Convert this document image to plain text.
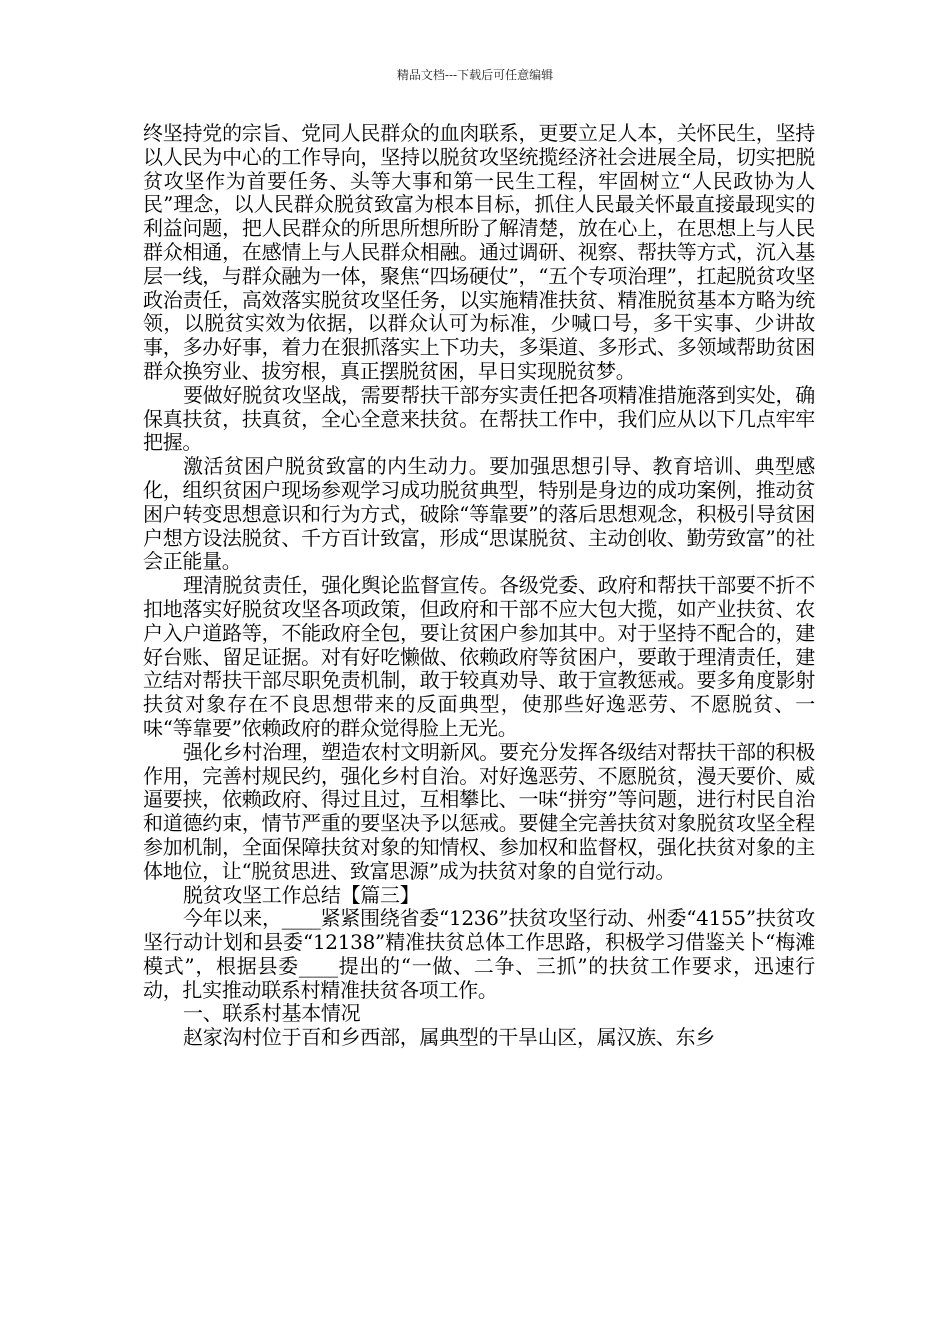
精品文档---下载后可任意编辑

终坚持党的宗旨、党同人民群众的血肉联系，更要立足人本，关怀民生，坚持以人民为中心的工作导向，坚持以脱贫攻坚统揽经济社会进展全局，切实把脱贫攻坚作为首要任务、头等大事和第一民生工程，牢固树立“人民政协为人民”理念，以人民群众脱贫致富为根本目标，抓住人民最关怀最直接最现实的利益问题，把人民群众的所思所想所盼了解清楚，放在心上，在思想上与人民群众相通，在感情上与人民群众相融。通过调研、视察、帮扶等方式，沉入基层一线，与群众融为一体，聚焦“四场硬仗”，“五个专项治理”，扛起脱贫攻坚政治责任，高效落实脱贫攻坚任务，以实施精准扶贫、精准脱贫基本方略为统领，以脱贫实效为依据，以群众认可为标准，少喊口号，多干实事、少讲故事，多办好事，着力在狠抓落实上下功夫，多渠道、多形式、多领域帮助贫困群众换穷业、拔穷根，真正摆脱贫困，早日实现脱贫梦。

要做好脱贫攻坚战，需要帮扶干部夯实责任把各项精准措施落到实处，确保真扶贫，扶真贫，全心全意来扶贫。在帮扶工作中，我们应从以下几点牢牢把握。

激活贫困户脱贫致富的内生动力。要加强思想引导、教育培训、典型感化，组织贫困户现场参观学习成功脱贫典型，特别是身边的成功案例，推动贫困户转变思想意识和行为方式，破除“等靠要”的落后思想观念，积极引导贫困户想方设法脱贫、千方百计致富，形成“思谋脱贫、主动创收、勤劳致富”的社会正能量。

理清脱贫责任，强化舆论监督宣传。各级党委、政府和帮扶干部要不折不扣地落实好脱贫攻坚各项政策，但政府和干部不应大包大揽，如产业扶贫、农户入户道路等，不能政府全包，要让贫困户参加其中。对于坚持不配合的，建好台账、留足证据。对有好吃懒做、依赖政府等贫困户，要敢于理清责任，建立结对帮扶干部尽职免责机制，敢于较真劝导、敢于宣教惩戒。要多角度影射扶贫对象存在不良思想带来的反面典型，使那些好逸恶劳、不愿脱贫、一味“等靠要”依赖政府的群众觉得脸上无光。

强化乡村治理，塑造农村文明新风。要充分发挥各级结对帮扶干部的积极作用，完善村规民约，强化乡村自治。对好逸恶劳、不愿脱贫，漫天要价、威逼要挟，依赖政府、得过且过，互相攀比、一味“拼穷”等问题，进行村民自治和道德约束，情节严重的要坚决予以惩戒。要健全完善扶贫对象脱贫攻坚全程参加机制，全面保障扶贫对象的知情权、参加权和监督权，强化扶贫对象的主体地位，让“脱贫思进、致富思源”成为扶贫对象的自觉行动。

脱贫攻坚工作总结【篇三】

今年以来，____紧紧围绕省委“1236”扶贫攻坚行动、州委“4155”扶贫攻坚行动计划和县委“12138”精准扶贫总体工作思路，积极学习借鉴关卜“梅滩模式”，根据县委____提出的“一做、二争、三抓”的扶贫工作要求，迅速行动，扎实推动联系村精准扶贫各项工作。

一、联系村基本情况

赵家沟村位于百和乡西部，属典型的干旱山区，属汉族、东乡
